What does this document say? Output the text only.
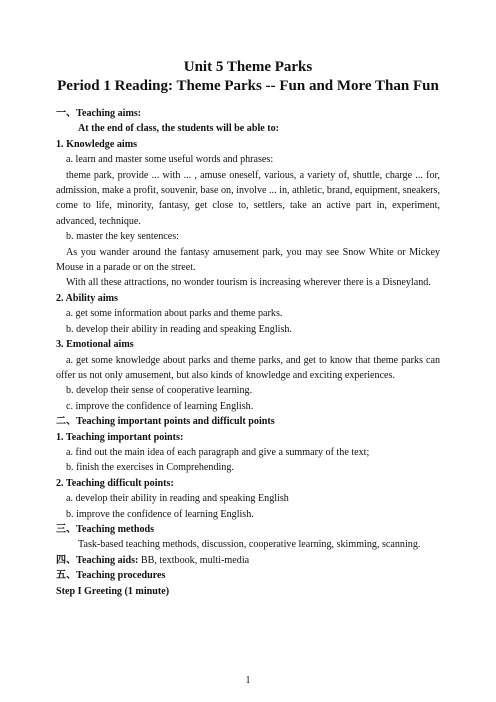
Unit 5 Theme Parks

Period 1 Reading: Theme Parks -- Fun and More Than Fun

一、Teaching aims:

At the end of class, the students will be able to:

1. Knowledge aims

a. learn and master some useful words and phrases:

theme park, provide ... with ... , amuse oneself, various, a variety of, shuttle, charge ... for, admission, make a profit, souvenir, base on, involve ... in, athletic, brand, equipment, sneakers, come to life, minority, fantasy, get close to, settlers, take an active part in, experiment, advanced, technique.

b. master the key sentences:

As you wander around the fantasy amusement park, you may see Snow White or Mickey Mouse in a parade or on the street.

With all these attractions, no wonder tourism is increasing wherever there is a Disneyland.

2. Ability aims

a. get some information about parks and theme parks.

b. develop their ability in reading and speaking English.

3. Emotional aims

a. get some knowledge about parks and theme parks, and get to know that theme parks can offer us not only amusement, but also kinds of knowledge and exciting experiences.

b. develop their sense of cooperative learning.

c. improve the confidence of learning English.

二、Teaching important points and difficult points

1. Teaching important points:

a. find out the main idea of each paragraph and give a summary of the text;

b. finish the exercises in Comprehending.

2. Teaching difficult points:

a. develop their ability in reading and speaking English

b. improve the confidence of learning English.

三、Teaching methods

Task-based teaching methods, discussion, cooperative learning, skimming, scanning.

四、Teaching aids: BB, textbook, multi-media

五、Teaching procedures

Step I Greeting (1 minute)

1
